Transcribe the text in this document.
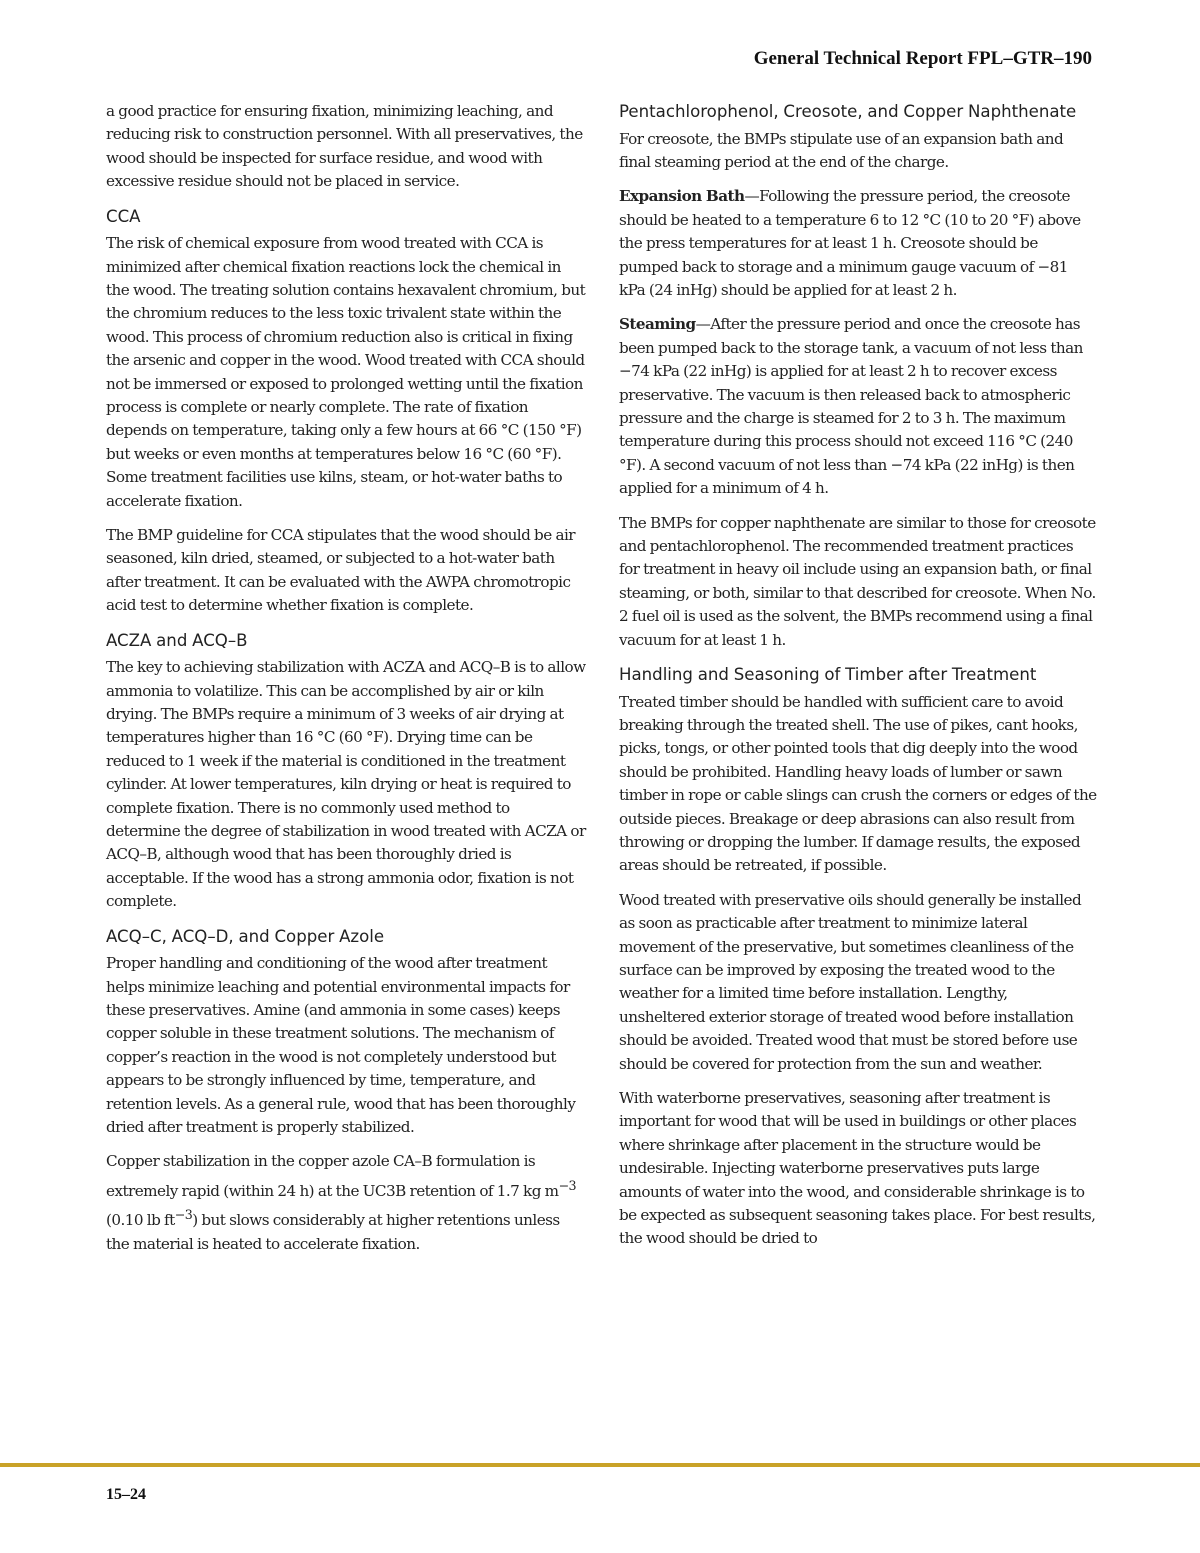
General Technical Report FPL–GTR–190

a good practice for ensuring fixation, minimizing leaching, and reducing risk to construction personnel. With all preservatives, the wood should be inspected for surface residue, and wood with excessive residue should not be placed in service.

CCA

The risk of chemical exposure from wood treated with CCA is minimized after chemical fixation reactions lock the chemical in the wood. The treating solution contains hexavalent chromium, but the chromium reduces to the less toxic trivalent state within the wood. This process of chromium reduction also is critical in fixing the arsenic and copper in the wood. Wood treated with CCA should not be immersed or exposed to prolonged wetting until the fixation process is complete or nearly complete. The rate of fixation depends on temperature, taking only a few hours at 66 °C (150 °F) but weeks or even months at temperatures below 16 °C (60 °F). Some treatment facilities use kilns, steam, or hot-water baths to accelerate fixation.

The BMP guideline for CCA stipulates that the wood should be air seasoned, kiln dried, steamed, or subjected to a hot-water bath after treatment. It can be evaluated with the AWPA chromotropic acid test to determine whether fixation is complete.

ACZA and ACQ–B

The key to achieving stabilization with ACZA and ACQ–B is to allow ammonia to volatilize. This can be accomplished by air or kiln drying. The BMPs require a minimum of 3 weeks of air drying at temperatures higher than 16 °C (60 °F). Drying time can be reduced to 1 week if the material is conditioned in the treatment cylinder. At lower temperatures, kiln drying or heat is required to complete fixation. There is no commonly used method to determine the degree of stabilization in wood treated with ACZA or ACQ–B, although wood that has been thoroughly dried is acceptable. If the wood has a strong ammonia odor, fixation is not complete.

ACQ–C, ACQ–D, and Copper Azole

Proper handling and conditioning of the wood after treatment helps minimize leaching and potential environmental impacts for these preservatives. Amine (and ammonia in some cases) keeps copper soluble in these treatment solutions. The mechanism of copper’s reaction in the wood is not completely understood but appears to be strongly influenced by time, temperature, and retention levels. As a general rule, wood that has been thoroughly dried after treatment is properly stabilized.

Copper stabilization in the copper azole CA–B formulation is extremely rapid (within 24 h) at the UC3B retention of 1.7 kg $m^{-3}$ (0.10 lb $ft^{-3}$) but slows considerably at higher retentions unless the material is heated to accelerate fixation.

Pentachlorophenol, Creosote, and Copper Naphthenate

For creosote, the BMPs stipulate use of an expansion bath and final steaming period at the end of the charge.

Expansion Bath—Following the pressure period, the creosote should be heated to a temperature 6 to 12 °C (10 to 20 °F) above the press temperatures for at least 1 h. Creosote should be pumped back to storage and a minimum gauge vacuum of −81 kPa (24 inHg) should be applied for at least 2 h.

Steaming—After the pressure period and once the creosote has been pumped back to the storage tank, a vacuum of not less than −74 kPa (22 inHg) is applied for at least 2 h to recover excess preservative. The vacuum is then released back to atmospheric pressure and the charge is steamed for 2 to 3 h. The maximum temperature during this process should not exceed 116 °C (240 °F). A second vacuum of not less than −74 kPa (22 inHg) is then applied for a minimum of 4 h.

The BMPs for copper naphthenate are similar to those for creosote and pentachlorophenol. The recommended treatment practices for treatment in heavy oil include using an expansion bath, or final steaming, or both, similar to that described for creosote. When No. 2 fuel oil is used as the solvent, the BMPs recommend using a final vacuum for at least 1 h.

Handling and Seasoning of Timber after Treatment

Treated timber should be handled with sufficient care to avoid breaking through the treated shell. The use of pikes, cant hooks, picks, tongs, or other pointed tools that dig deeply into the wood should be prohibited. Handling heavy loads of lumber or sawn timber in rope or cable slings can crush the corners or edges of the outside pieces. Breakage or deep abrasions can also result from throwing or dropping the lumber. If damage results, the exposed areas should be retreated, if possible.

Wood treated with preservative oils should generally be installed as soon as practicable after treatment to minimize lateral movement of the preservative, but sometimes cleanliness of the surface can be improved by exposing the treated wood to the weather for a limited time before installation. Lengthy, unsheltered exterior storage of treated wood before installation should be avoided. Treated wood that must be stored before use should be covered for protection from the sun and weather.

With waterborne preservatives, seasoning after treatment is important for wood that will be used in buildings or other places where shrinkage after placement in the structure would be undesirable. Injecting waterborne preservatives puts large amounts of water into the wood, and considerable shrinkage is to be expected as subsequent seasoning takes place. For best results, the wood should be dried to

15–24
